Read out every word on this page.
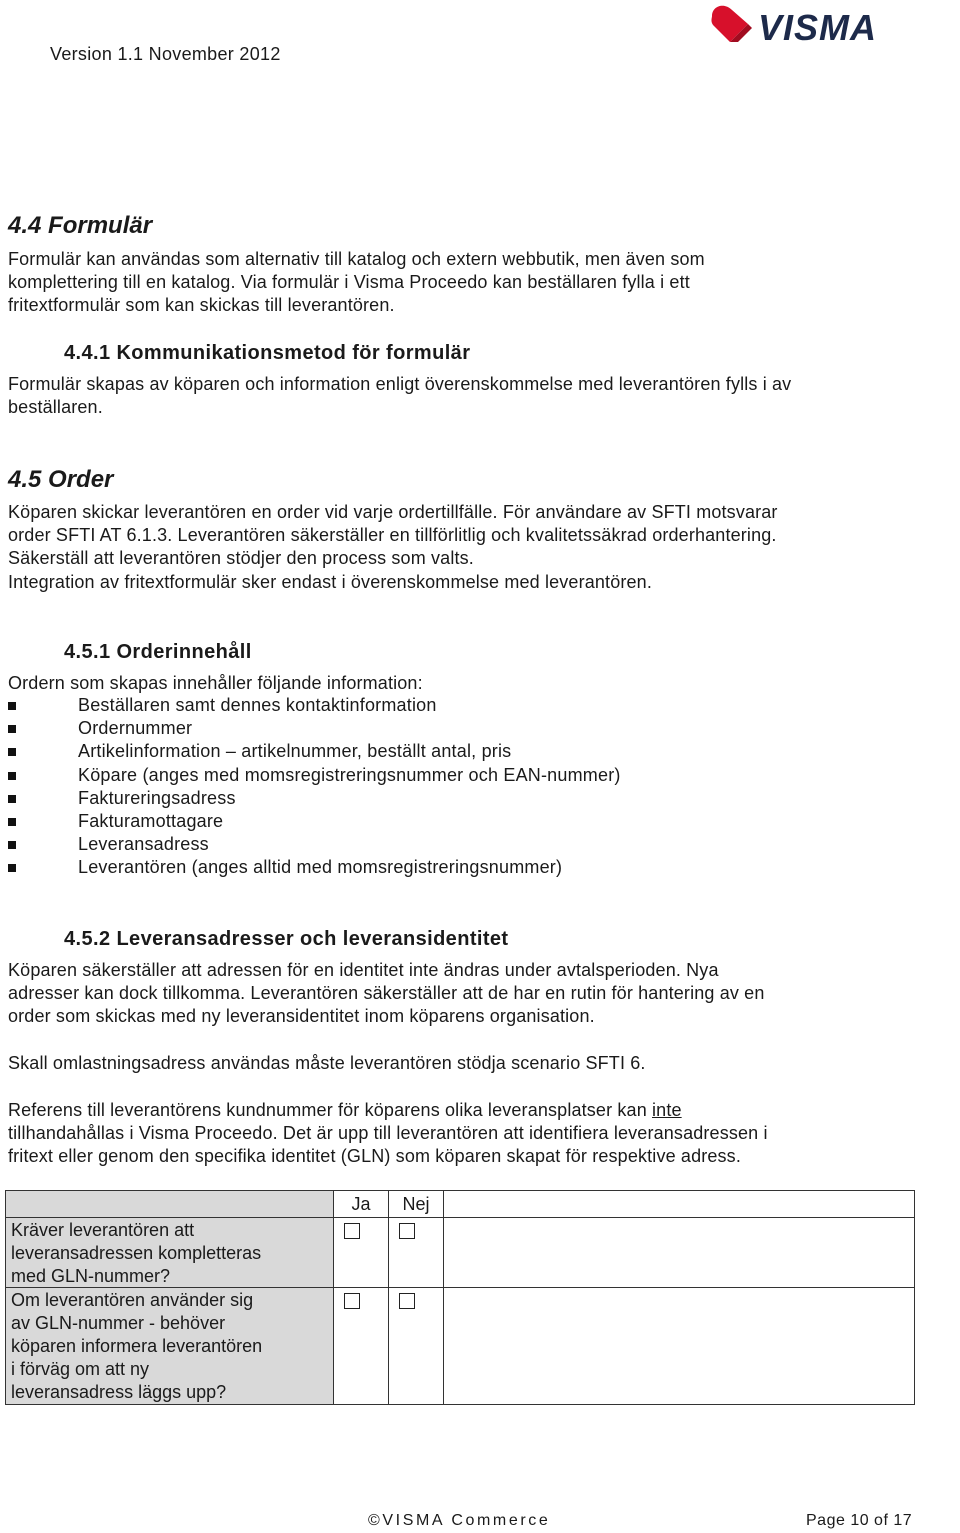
Version 1.1 November 2012
VISMA
4.4 Formulär
Formulär kan användas som alternativ till katalog och extern webbutik, men även som
komplettering till en katalog. Via formulär i Visma Proceedo kan beställaren fylla i ett
fritextformulär som kan skickas till leverantören.
4.4.1 Kommunikationsmetod för formulär
Formulär skapas av köparen och information enligt överenskommelse med leverantören fylls i av
beställaren.
4.5 Order
Köparen skickar leverantören en order vid varje ordertillfälle. För användare av SFTI motsvarar
order SFTI AT 6.1.3. Leverantören säkerställer en tillförlitlig och kvalitetssäkrad orderhantering.
Säkerställ att leverantören stödjer den process som valts.
Integration av fritextformulär sker endast i överenskommelse med leverantören.
4.5.1 Orderinnehåll
Ordern som skapas innehåller följande information:
Beställaren samt dennes kontaktinformation
Ordernummer
Artikelinformation – artikelnummer, beställt antal, pris
Köpare (anges med momsregistreringsnummer och EAN-nummer)
Faktureringsadress
Fakturamottagare
Leveransadress
Leverantören (anges alltid med momsregistreringsnummer)
4.5.2 Leveransadresser och leveransidentitet
Köparen säkerställer att adressen för en identitet inte ändras under avtalsperioden. Nya
adresser kan dock tillkomma. Leverantören säkerställer att de har en rutin för hantering av en
order som skickas med ny leveransidentitet inom köparens organisation.
Skall omlastningsadress användas måste leverantören stödja scenario SFTI 6.
Referens till leverantörens kundnummer för köparens olika leveransplatser kan inte
tillhandahållas i Visma Proceedo. Det är upp till leverantören att identifiera leveransadressen i
fritext eller genom den specifika identitet (GLN) som köparen skapat för respektive adress.
Ja	Nej
Kräver leverantören att
leveransadressen kompletteras
med GLN-nummer?
Om leverantören använder sig
av GLN-nummer - behöver
köparen informera leverantören
i förväg om att ny
leveransadress läggs upp?
©VISMA Commerce	Page 10 of 17
